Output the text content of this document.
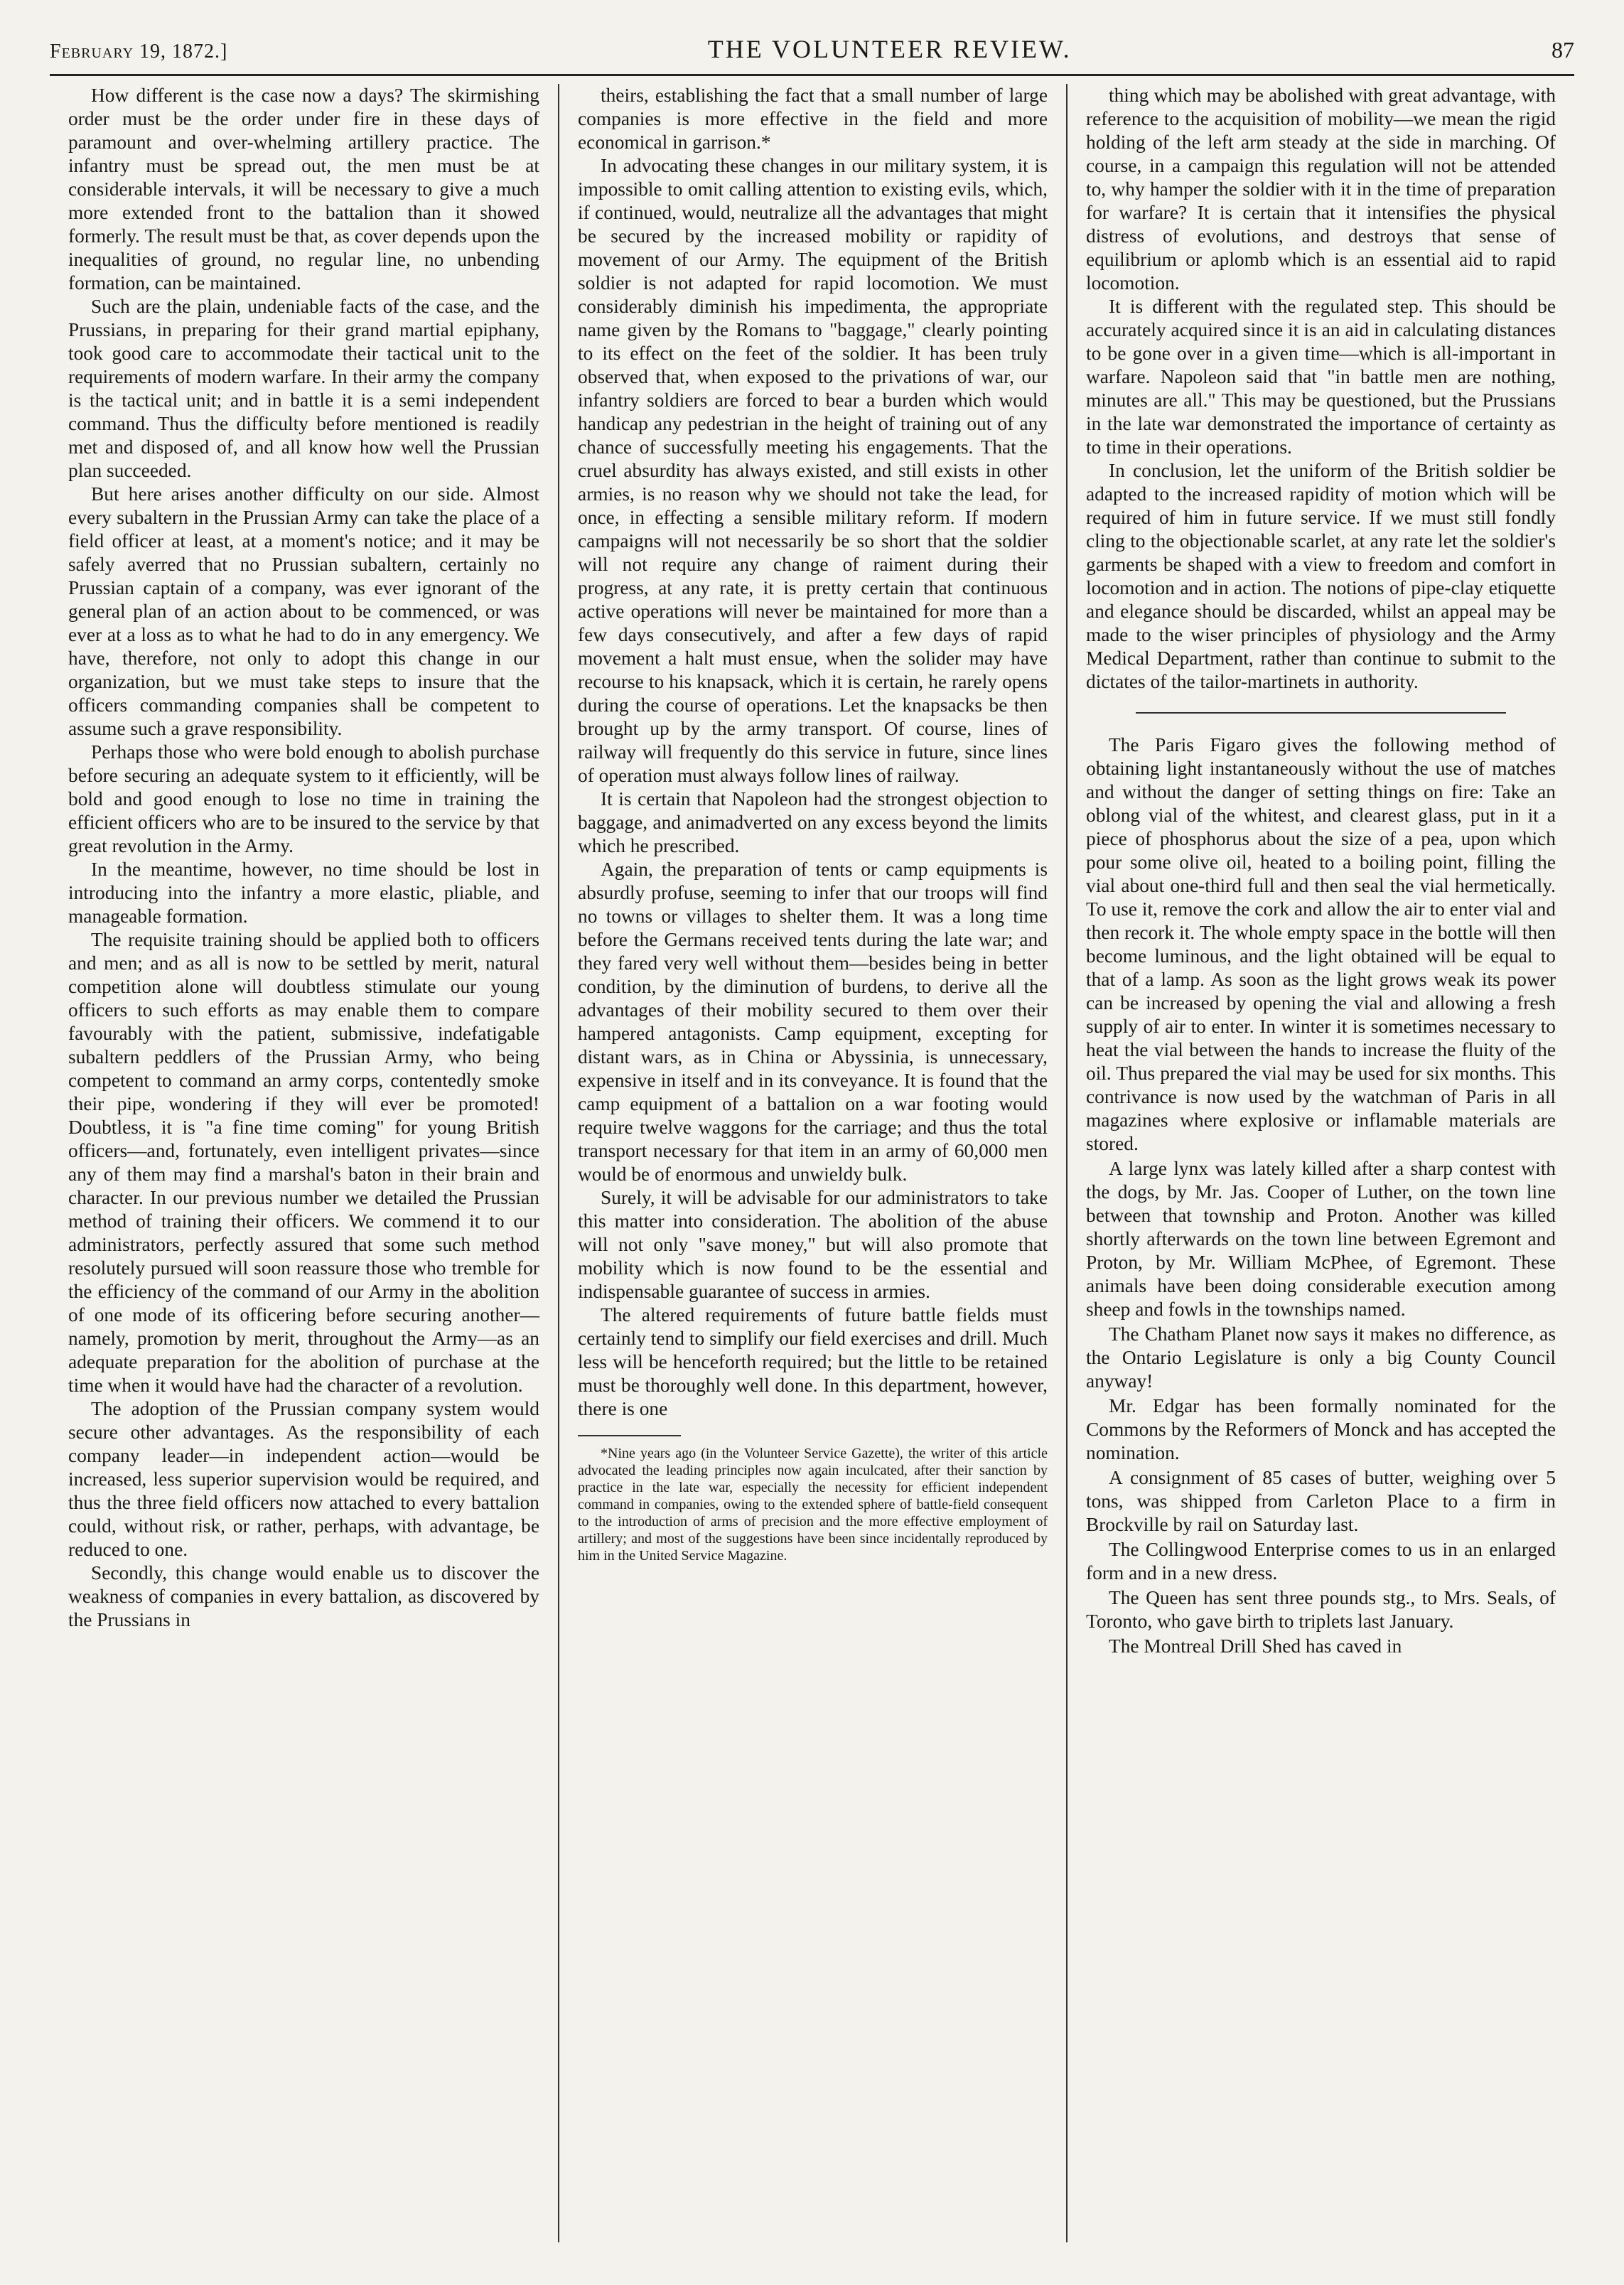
February 19, 1872.]	THE VOLUNTEER REVIEW.	87

How different is the case now a days? The skirmishing order must be the order under fire in these days of paramount and over-whelming artillery practice. The infantry must be spread out, the men must be at considerable intervals, it will be necessary to give a much more extended front to the battalion than it showed formerly. The result must be that, as cover depends upon the inequalities of ground, no regular line, no unbending formation, can be maintained.

Such are the plain, undeniable facts of the case, and the Prussians, in preparing for their grand martial epiphany, took good care to accommodate their tactical unit to the requirements of modern warfare. In their army the company is the tactical unit; and in battle it is a semi independent command. Thus the difficulty before mentioned is readily met and disposed of, and all know how well the Prussian plan succeeded.

But here arises another difficulty on our side. Almost every subaltern in the Prussian Army can take the place of a field officer at least, at a moment's notice; and it may be safely averred that no Prussian subaltern, certainly no Prussian captain of a company, was ever ignorant of the general plan of an action about to be commenced, or was ever at a loss as to what he had to do in any emergency. We have, therefore, not only to adopt this change in our organization, but we must take steps to insure that the officers commanding companies shall be competent to assume such a grave responsibility.

Perhaps those who were bold enough to abolish purchase before securing an adequate system to it efficiently, will be bold and good enough to lose no time in training the efficient officers who are to be insured to the service by that great revolution in the Army.

In the meantime, however, no time should be lost in introducing into the infantry a more elastic, pliable, and manageable formation.

The requisite training should be applied both to officers and men; and as all is now to be settled by merit, natural competition alone will doubtless stimulate our young officers to such efforts as may enable them to compare favourably with the patient, submissive, indefatigable subaltern peddlers of the Prussian Army, who being competent to command an army corps, contentedly smoke their pipe, wondering if they will ever be promoted! Doubtless, it is "a fine time coming" for young British officers—and, fortunately, even intelligent privates—since any of them may find a marshal's baton in their brain and character. In our previous number we detailed the Prussian method of training their officers. We commend it to our administrators, perfectly assured that some such method resolutely pursued will soon reassure those who tremble for the efficiency of the command of our Army in the abolition of one mode of its officering before securing another—namely, promotion by merit, throughout the Army—as an adequate preparation for the abolition of purchase at the time when it would have had the character of a revolution.

The adoption of the Prussian company system would secure other advantages. As the responsibility of each company leader—in independent action—would be increased, less superior supervision would be required, and thus the three field officers now attached to every battalion could, without risk, or rather, perhaps, with advantage, be reduced to one.

Secondly, this change would enable us to discover the weakness of companies in every battalion, as discovered by the Prussians in

theirs, establishing the fact that a small number of large companies is more effective in the field and more economical in garrison.*

In advocating these changes in our military system, it is impossible to omit calling attention to existing evils, which, if continued, would, neutralize all the advantages that might be secured by the increased mobility or rapidity of movement of our Army. The equipment of the British soldier is not adapted for rapid locomotion. We must considerably diminish his impedimenta, the appropriate name given by the Romans to "baggage," clearly pointing to its effect on the feet of the soldier. It has been truly observed that, when exposed to the privations of war, our infantry soldiers are forced to bear a burden which would handicap any pedestrian in the height of training out of any chance of successfully meeting his engagements. That the cruel absurdity has always existed, and still exists in other armies, is no reason why we should not take the lead, for once, in effecting a sensible military reform. If modern campaigns will not necessarily be so short that the soldier will not require any change of raiment during their progress, at any rate, it is pretty certain that continuous active operations will never be maintained for more than a few days consecutively, and after a few days of rapid movement a halt must ensue, when the solider may have recourse to his knapsack, which it is certain, he rarely opens during the course of operations. Let the knapsacks be then brought up by the army transport. Of course, lines of railway will frequently do this service in future, since lines of operation must always follow lines of railway.

It is certain that Napoleon had the strongest objection to baggage, and animadverted on any excess beyond the limits which he prescribed.

Again, the preparation of tents or camp equipments is absurdly profuse, seeming to infer that our troops will find no towns or villages to shelter them. It was a long time before the Germans received tents during the late war; and they fared very well without them—besides being in better condition, by the diminution of burdens, to derive all the advantages of their mobility secured to them over their hampered antagonists. Camp equipment, excepting for distant wars, as in China or Abyssinia, is unnecessary, expensive in itself and in its conveyance. It is found that the camp equipment of a battalion on a war footing would require twelve waggons for the carriage; and thus the total transport necessary for that item in an army of 60,000 men would be of enormous and unwieldy bulk.

Surely, it will be advisable for our administrators to take this matter into consideration. The abolition of the abuse will not only "save money," but will also promote that mobility which is now found to be the essential and indispensable guarantee of success in armies.

The altered requirements of future battle fields must certainly tend to simplify our field exercises and drill. Much less will be henceforth required; but the little to be retained must be thoroughly well done. In this department, however, there is one

*Nine years ago (in the Volunteer Service Gazette), the writer of this article advocated the leading principles now again inculcated, after their sanction by practice in the late war, especially the necessity for efficient independent command in companies, owing to the extended sphere of battle-field consequent to the introduction of arms of precision and the more effective employment of artillery; and most of the suggestions have been since incidentally reproduced by him in the United Service Magazine.

thing which may be abolished with great advantage, with reference to the acquisition of mobility—we mean the rigid holding of the left arm steady at the side in marching. Of course, in a campaign this regulation will not be attended to, why hamper the soldier with it in the time of preparation for warfare? It is certain that it intensifies the physical distress of evolutions, and destroys that sense of equilibrium or aplomb which is an essential aid to rapid locomotion.

It is different with the regulated step. This should be accurately acquired since it is an aid in calculating distances to be gone over in a given time—which is all-important in warfare. Napoleon said that "in battle men are nothing, minutes are all." This may be questioned, but the Prussians in the late war demonstrated the importance of certainty as to time in their operations.

In conclusion, let the uniform of the British soldier be adapted to the increased rapidity of motion which will be required of him in future service. If we must still fondly cling to the objectionable scarlet, at any rate let the soldier's garments be shaped with a view to freedom and comfort in locomotion and in action. The notions of pipe-clay etiquette and elegance should be discarded, whilst an appeal may be made to the wiser principles of physiology and the Army Medical Department, rather than continue to submit to the dictates of the tailor-martinets in authority.

The Paris Figaro gives the following method of obtaining light instantaneously without the use of matches and without the danger of setting things on fire: Take an oblong vial of the whitest, and clearest glass, put in it a piece of phosphorus about the size of a pea, upon which pour some olive oil, heated to a boiling point, filling the vial about one-third full and then seal the vial hermetically. To use it, remove the cork and allow the air to enter vial and then recork it. The whole empty space in the bottle will then become luminous, and the light obtained will be equal to that of a lamp. As soon as the light grows weak its power can be increased by opening the vial and allowing a fresh supply of air to enter. In winter it is sometimes necessary to heat the vial between the hands to increase the fluity of the oil. Thus prepared the vial may be used for six months. This contrivance is now used by the watchman of Paris in all magazines where explosive or inflamable materials are stored.

A large lynx was lately killed after a sharp contest with the dogs, by Mr. Jas. Cooper of Luther, on the town line between that township and Proton. Another was killed shortly afterwards on the town line between Egremont and Proton, by Mr. William McPhee, of Egremont. These animals have been doing considerable execution among sheep and fowls in the townships named.

The Chatham Planet now says it makes no difference, as the Ontario Legislature is only a big County Council anyway!

Mr. Edgar has been formally nominated for the Commons by the Reformers of Monck and has accepted the nomination.

A consignment of 85 cases of butter, weighing over 5 tons, was shipped from Carleton Place to a firm in Brockville by rail on Saturday last.

The Collingwood Enterprise comes to us in an enlarged form and in a new dress.

The Queen has sent three pounds stg., to Mrs. Seals, of Toronto, who gave birth to triplets last January.

The Montreal Drill Shed has caved in
